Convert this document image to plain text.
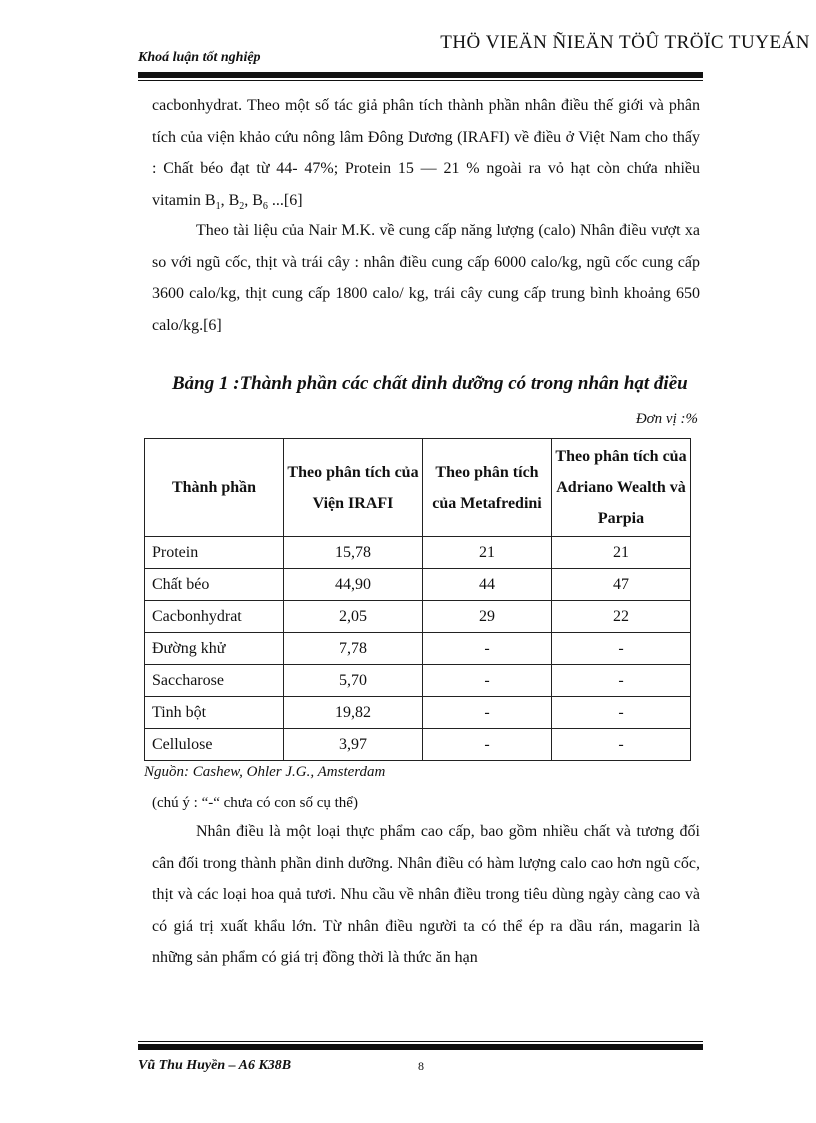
Khoá luận tốt nghiệp
THÖ VIEÄN ÑIEÄN TÖÛ TRÖÏC TUYEÁN

cacbonhydrat. Theo một số tác giả phân tích thành phần nhân điều thế giới và phân tích của viện khảo cứu nông lâm Đông Dương (IRAFI) về điều ở Việt Nam cho thấy : Chất béo đạt từ 44- 47%; Protein 15 — 21 % ngoài ra vỏ hạt còn chứa nhiều vitamin $B_1$, $B_2$, $B_6$ ...[6]

Theo tài liệu của Nair M.K. về cung cấp năng lượng (calo) Nhân điều vượt xa so với ngũ cốc, thịt và trái cây : nhân điều cung cấp 6000 calo/kg, ngũ cốc cung cấp 3600 calo/kg, thịt cung cấp 1800 calo/ kg, trái cây cung cấp trung bình khoảng 650 calo/kg.[6]

Bảng 1 :Thành phần các chất dinh dưỡng có trong nhân hạt điều
Đơn vị :%
Thành phần	Theo phân tích của Viện IRAFI	Theo phân tích của Metafredini	Theo phân tích của Adriano Wealth và Parpia
Protein	15,78	21	21
Chất béo	44,90	44	47
Cacbonhydrat	2,05	29	22
Đường khử	7,78	-	-
Saccharose	5,70	-	-
Tinh bột	19,82	-	-
Cellulose	3,97	-	-
Nguồn: Cashew, Ohler J.G., Amsterdam
(chú ý : “-“ chưa có con số cụ thể)

Nhân điều là một loại thực phẩm cao cấp, bao gồm nhiều chất và tương đối cân đối trong thành phần dinh dưỡng. Nhân điều có hàm lượng calo cao hơn ngũ cốc, thịt và các loại hoa quả tươi. Nhu cầu về nhân điều trong tiêu dùng ngày càng cao và có giá trị xuất khẩu lớn. Từ nhân điều người ta có thể ép ra dầu rán, magarin là những sản phẩm có giá trị đồng thời là thức ăn hạn

Vũ Thu Huyền – A6 K38B	8
